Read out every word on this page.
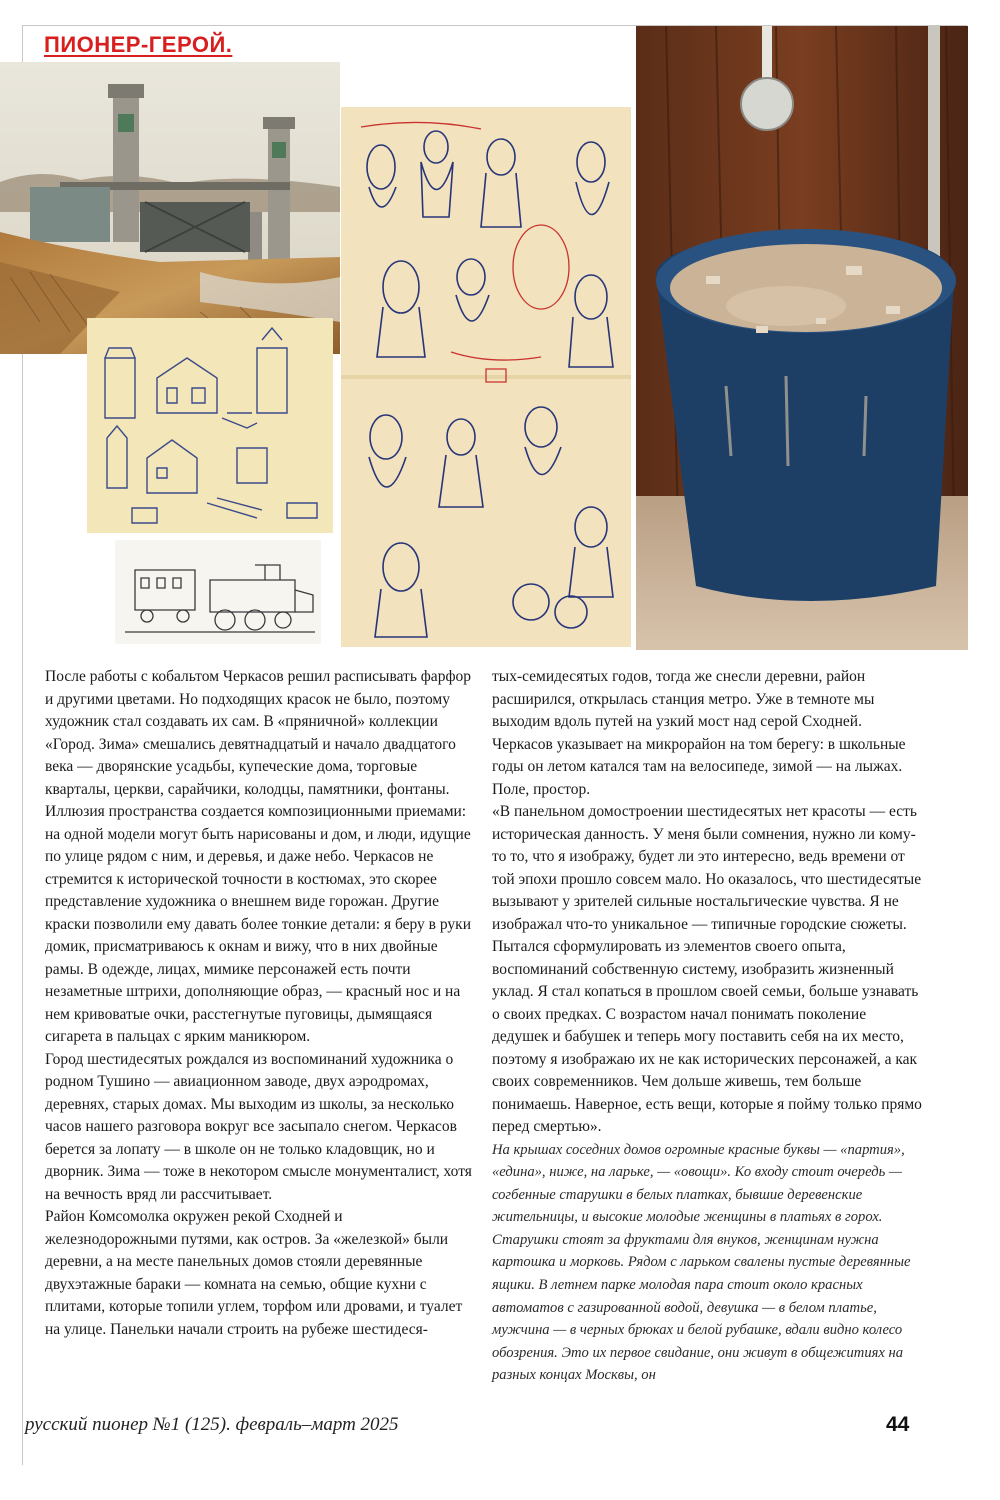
ПИОНЕР-ГЕРОЙ.

После работы с кобальтом Черкасов решил расписывать фарфор и другими цветами. Но подходящих красок не было, поэтому художник стал создавать их сам. В «пряничной» коллекции «Город. Зима» смешались девятнадцатый и начало двадцатого века — дворянские усадьбы, купеческие дома, торговые кварталы, церкви, сарайчики, колодцы, памятники, фонтаны. Иллюзия пространства создается композиционными приемами: на одной модели могут быть нарисованы и дом, и люди, идущие по улице рядом с ним, и деревья, и даже небо. Черкасов не стремится к исторической точности в костюмах, это скорее представление художника о внешнем виде горожан. Другие краски позволили ему давать более тонкие детали: я беру в руки домик, присматриваюсь к окнам и вижу, что в них двойные рамы. В одежде, лицах, мимике персонажей есть почти незаметные штрихи, дополняющие образ, — красный нос и на нем кривоватые очки, расстегнутые пуговицы, дымящаяся сигарета в пальцах с ярким маникюром.

Город шестидесятых рождался из воспоминаний художника о родном Тушино — авиационном заводе, двух аэродромах, деревнях, старых домах. Мы выходим из школы, за несколько часов нашего разговора вокруг все засыпало снегом. Черкасов берется за лопату — в школе он не только кладовщик, но и дворник. Зима — тоже в некотором смысле монументалист, хотя на вечность вряд ли рассчитывает.

Район Комсомолка окружен рекой Сходней и железнодорожными путями, как остров. За «железкой» были деревни, а на месте панельных домов стояли деревянные двухэтажные бараки — комната на семью, общие кухни с плитами, которые топили углем, торфом или дровами, и туалет на улице. Панельки начали строить на рубеже шестидеся-

тых-семидесятых годов, тогда же снесли деревни, район расширился, открылась станция метро. Уже в темноте мы выходим вдоль путей на узкий мост над серой Сходней. Черкасов указывает на микрорайон на том берегу: в школьные годы он летом катался там на велосипеде, зимой — на лыжах. Поле, простор.

«В панельном домостроении шестидесятых нет красоты — есть историческая данность. У меня были сомнения, нужно ли кому-то то, что я изображу, будет ли это интересно, ведь времени от той эпохи прошло совсем мало. Но оказалось, что шестидесятые вызывают у зрителей сильные ностальгические чувства. Я не изображал что-то уникальное — типичные городские сюжеты. Пытался сформулировать из элементов своего опыта, воспоминаний собственную систему, изобразить жизненный уклад. Я стал копаться в прошлом своей семьи, больше узнавать о своих предках. С возрастом начал понимать поколение дедушек и бабушек и теперь могу поставить себя на их место, поэтому я изображаю их не как исторических персонажей, а как своих современников. Чем дольше живешь, тем больше понимаешь. Наверное, есть вещи, которые я пойму только прямо перед смертью».

На крышах соседних домов огромные красные буквы — «партия», «едина», ниже, на ларьке, — «овощи». Ко входу стоит очередь — согбенные старушки в белых платках, бывшие деревенские жительницы, и высокие молодые женщины в платьях в горох. Старушки стоят за фруктами для внуков, женщинам нужна картошка и морковь. Рядом с ларьком свалены пустые деревянные ящики. В летнем парке молодая пара стоит около красных автоматов с газированной водой, девушка — в белом платье, мужчина — в черных брюках и белой рубашке, вдали видно колесо обозрения. Это их первое свидание, они живут в общежитиях на разных концах Москвы, он

русский пионер №1 (125). февраль–март 2025	44
